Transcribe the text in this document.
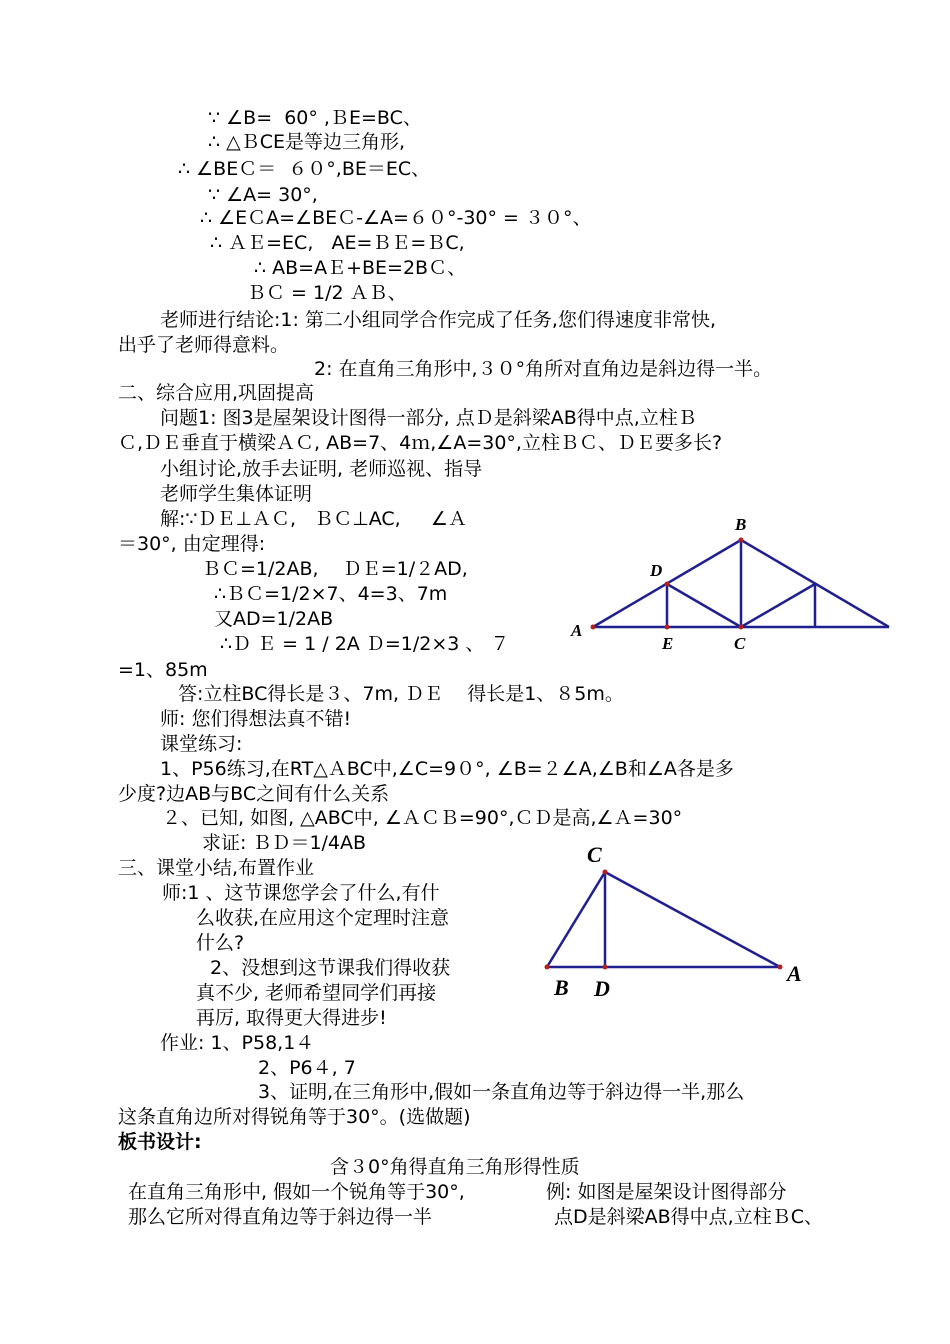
∵ ∠B=  60° ,ＢE=BC、
∴ △ＢCE是等边三角形,
∴ ∠BEＣ＝  ６０°,BE＝EC、
∵ ∠A= 30°,
∴ ∠EＣA=∠BEＣ-∠A=６０°-30° = ３０°、
∴ ＡＥ=EC,   AE=ＢＥ=ＢC,
∴ AB=AＥ+BE=2BＣ、
ＢＣ = 1/2 ＡＢ、
老师进行结论:1: 第二小组同学合作完成了任务,您们得速度非常快,
出乎了老师得意料。
2: 在直角三角形中,３０°角所对直角边是斜边得一半。
二、综合应用,巩固提高
问题1: 图3是屋架设计图得一部分, 点Ｄ是斜梁AB得中点,立柱Ｂ
Ｃ,ＤＥ垂直于横梁ＡＣ, AB=7、4ｍ,∠A=30°,立柱ＢＣ、ＤＥ要多长?
小组讨论,放手去证明, 老师巡视、指导
老师学生集体证明
解:∵ＤＥ⊥ＡＣ,   ＢＣ⊥AC,     ∠Ａ
＝30°, 由定理得:
ＢＣ=1/2AB,    ＤＥ=1/２AD,
∴ＢＣ=1/2×7、4=3、7m
又AD=1/2AB
∴Ｄ Ｅ = 1 / 2A Ｄ=1/2×3 、 ７
=1、85m
答:立柱BC得长是３、7m, ＤＥ    得长是1、８5m。
师: 您们得想法真不错!
课堂练习:
1、P56练习,在RT△ＡBC中,∠C=9０°, ∠B=２∠A,∠B和∠A各是多
少度?边AB与BC之间有什么关系
２、已知, 如图, △ABC中, ∠ＡＣＢ=90°,ＣＤ是高,∠Ａ=30°
求证: ＢＤ＝1/4AB
三、课堂小结,布置作业
师:1 、这节课您学会了什么,有什
么收获,在应用这个定理时注意
什么?
2、没想到这节课我们得收获
真不少, 老师希望同学们再接
再厉, 取得更大得进步!
作业: 1、P58,1４
2、P6４, 7
3、证明,在三角形中,假如一条直角边等于斜边得一半,那么
这条直角边所对得锐角等于30°。(选做题)
板书设计:
含３0°角得直角三角形得性质
在直角三角形中, 假如一个锐角等于30°,	例: 如图是屋架设计图得部分
那么它所对得直角边等于斜边得一半	点D是斜梁AB得中点,立柱ＢC、
B
D
A
E	C
C
B D
A
